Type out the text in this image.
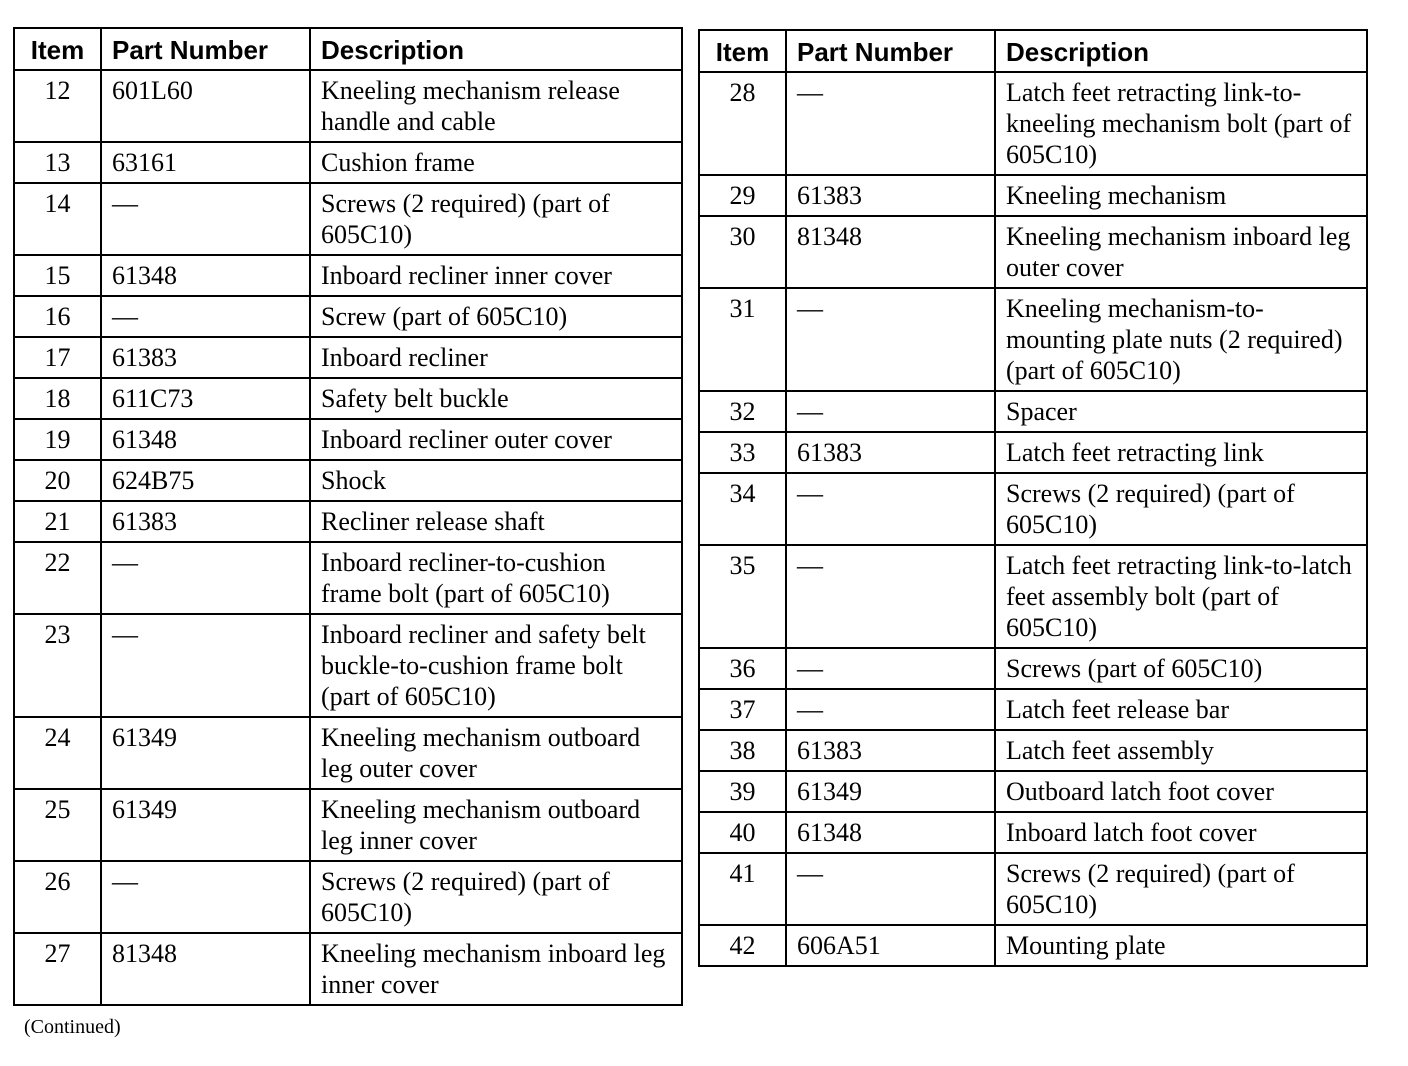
Item	Part Number	Description
12	601L60	Kneeling mechanism release handle and cable
13	63161	Cushion frame
14	—	Screws (2 required) (part of 605C10)
15	61348	Inboard recliner inner cover
16	—	Screw (part of 605C10)
17	61383	Inboard recliner
18	611C73	Safety belt buckle
19	61348	Inboard recliner outer cover
20	624B75	Shock
21	61383	Recliner release shaft
22	—	Inboard recliner-to-cushion frame bolt (part of 605C10)
23	—	Inboard recliner and safety belt buckle-to-cushion frame bolt (part of 605C10)
24	61349	Kneeling mechanism outboard leg outer cover
25	61349	Kneeling mechanism outboard leg inner cover
26	—	Screws (2 required) (part of 605C10)
27	81348	Kneeling mechanism inboard leg inner cover
Item	Part Number	Description
28	—	Latch feet retracting link-to-kneeling mechanism bolt (part of 605C10)
29	61383	Kneeling mechanism
30	81348	Kneeling mechanism inboard leg outer cover
31	—	Kneeling mechanism-to-mounting plate nuts (2 required) (part of 605C10)
32	—	Spacer
33	61383	Latch feet retracting link
34	—	Screws (2 required) (part of 605C10)
35	—	Latch feet retracting link-to-latch feet assembly bolt (part of 605C10)
36	—	Screws (part of 605C10)
37	—	Latch feet release bar
38	61383	Latch feet assembly
39	61349	Outboard latch foot cover
40	61348	Inboard latch foot cover
41	—	Screws (2 required) (part of 605C10)
42	606A51	Mounting plate
(Continued)
